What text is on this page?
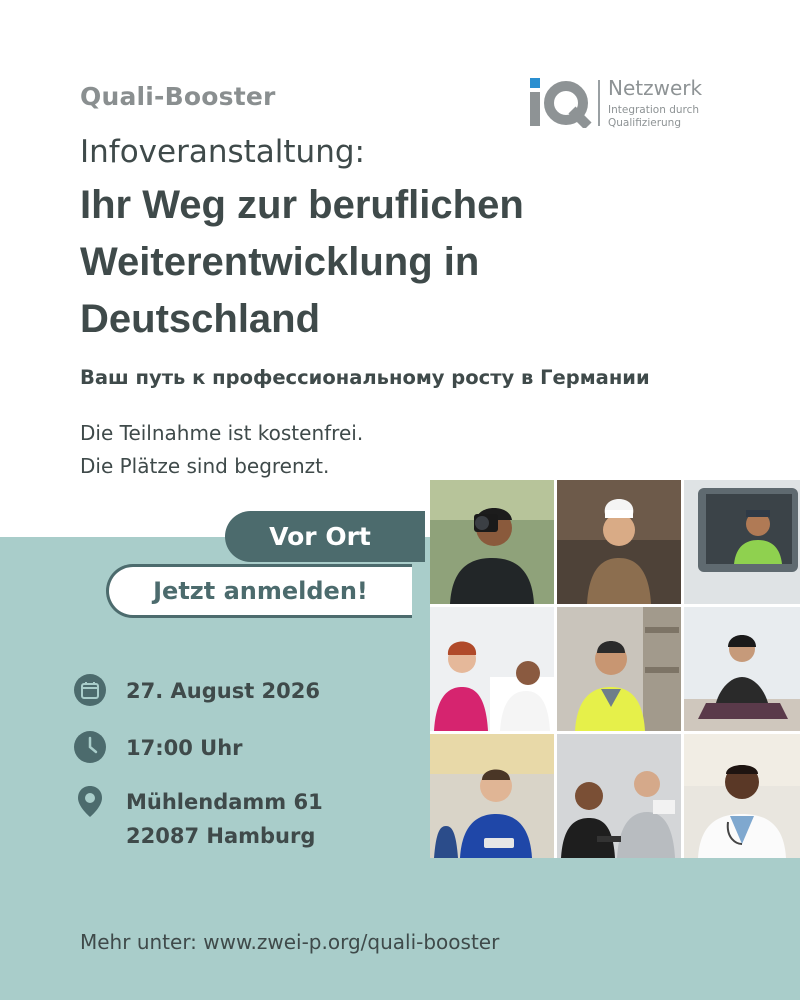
Quali-Booster	Netzwerk
Integration durch
Qualifizierung
Infoveranstaltung:
Ihr Weg zur beruflichen Weiterentwicklung in Deutschland
Ваш путь к профессиональному росту в Германии
Die Teilnahme ist kostenfrei.
Die Plätze sind begrenzt.
Vor Ort
Jetzt anmelden!
27. August 2026
17:00 Uhr
Mühlendamm 61
22087 Hamburg
Mehr unter: www.zwei-p.org/quali-booster
